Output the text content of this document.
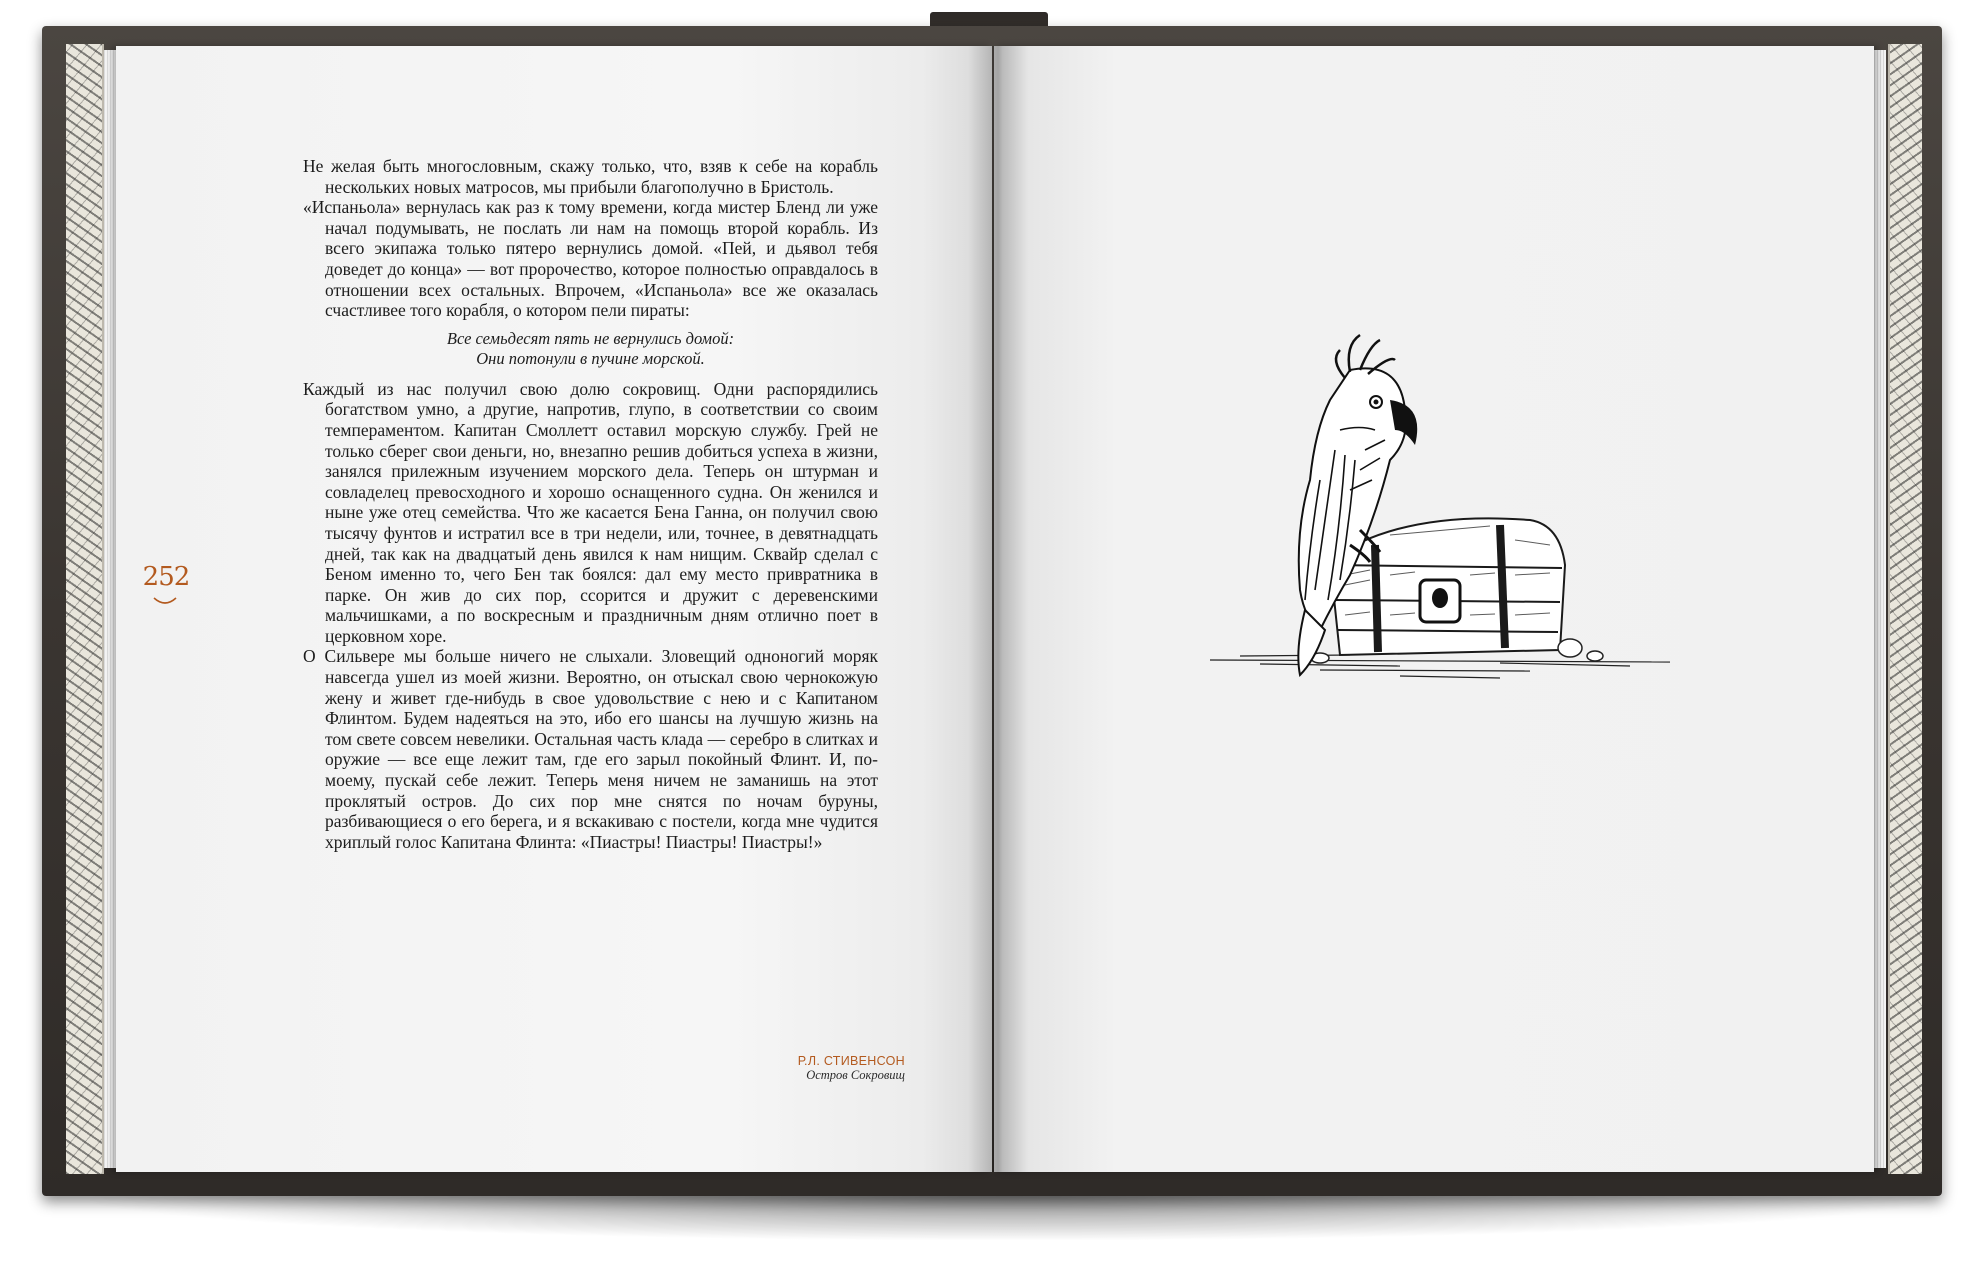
252

Не желая быть многословным, скажу только, что, взяв к себе на корабль нескольких новых матросов, мы прибыли благополучно в Бристоль.

«Испаньола» вернулась как раз к тому времени, когда мистер Бленд ли уже начал подумывать, не послать ли нам на помощь второй корабль. Из всего экипажа только пятеро вернулись домой. «Пей, и дьявол тебя доведет до конца» — вот пророчество, которое полностью оправдалось в отношении всех остальных. Впрочем, «Испаньола» все же оказалась счастливее того корабля, о котором пели пираты:

Все семьдесят пять не вернулись домой:
Они потонули в пучине морской.

Каждый из нас получил свою долю сокровищ. Одни распорядились богатством умно, а другие, напротив, глупо, в соответствии со своим темпераментом. Капитан Смоллетт оставил морскую службу. Грей не только сберег свои деньги, но, внезапно решив добиться успеха в жизни, занялся прилежным изучением морского дела. Теперь он штурман и совладелец превосходного и хорошо оснащенного судна. Он женился и ныне уже отец семейства. Что же касается Бена Ганна, он получил свою тысячу фунтов и истратил все в три недели, или, точнее, в девятнадцать дней, так как на двадцатый день явился к нам нищим. Сквайр сделал с Беном именно то, чего Бен так боялся: дал ему место привратника в парке. Он жив до сих пор, ссорится и дружит с деревенскими мальчишками, а по воскресным и праздничным дням отлично поет в церковном хоре.

О Сильвере мы больше ничего не слыхали. Зловещий одноногий моряк навсегда ушел из моей жизни. Вероятно, он отыскал свою чернокожую жену и живет где-нибудь в свое удовольствие с нею и с Капитаном Флинтом. Будем надеяться на это, ибо его шансы на лучшую жизнь на том свете совсем невелики. Остальная часть клада — серебро в слитках и оружие — все еще лежит там, где его зарыл покойный Флинт. И, по-моему, пускай себе лежит. Теперь меня ничем не заманишь на этот проклятый остров. До сих пор мне снятся по ночам буруны, разбивающиеся о его берега, и я вскакиваю с постели, когда мне чудится хриплый голос Капитана Флинта: «Пиастры! Пиастры! Пиастры!»

Р.Л. СТИВЕНСОН
Остров Сокровищ
